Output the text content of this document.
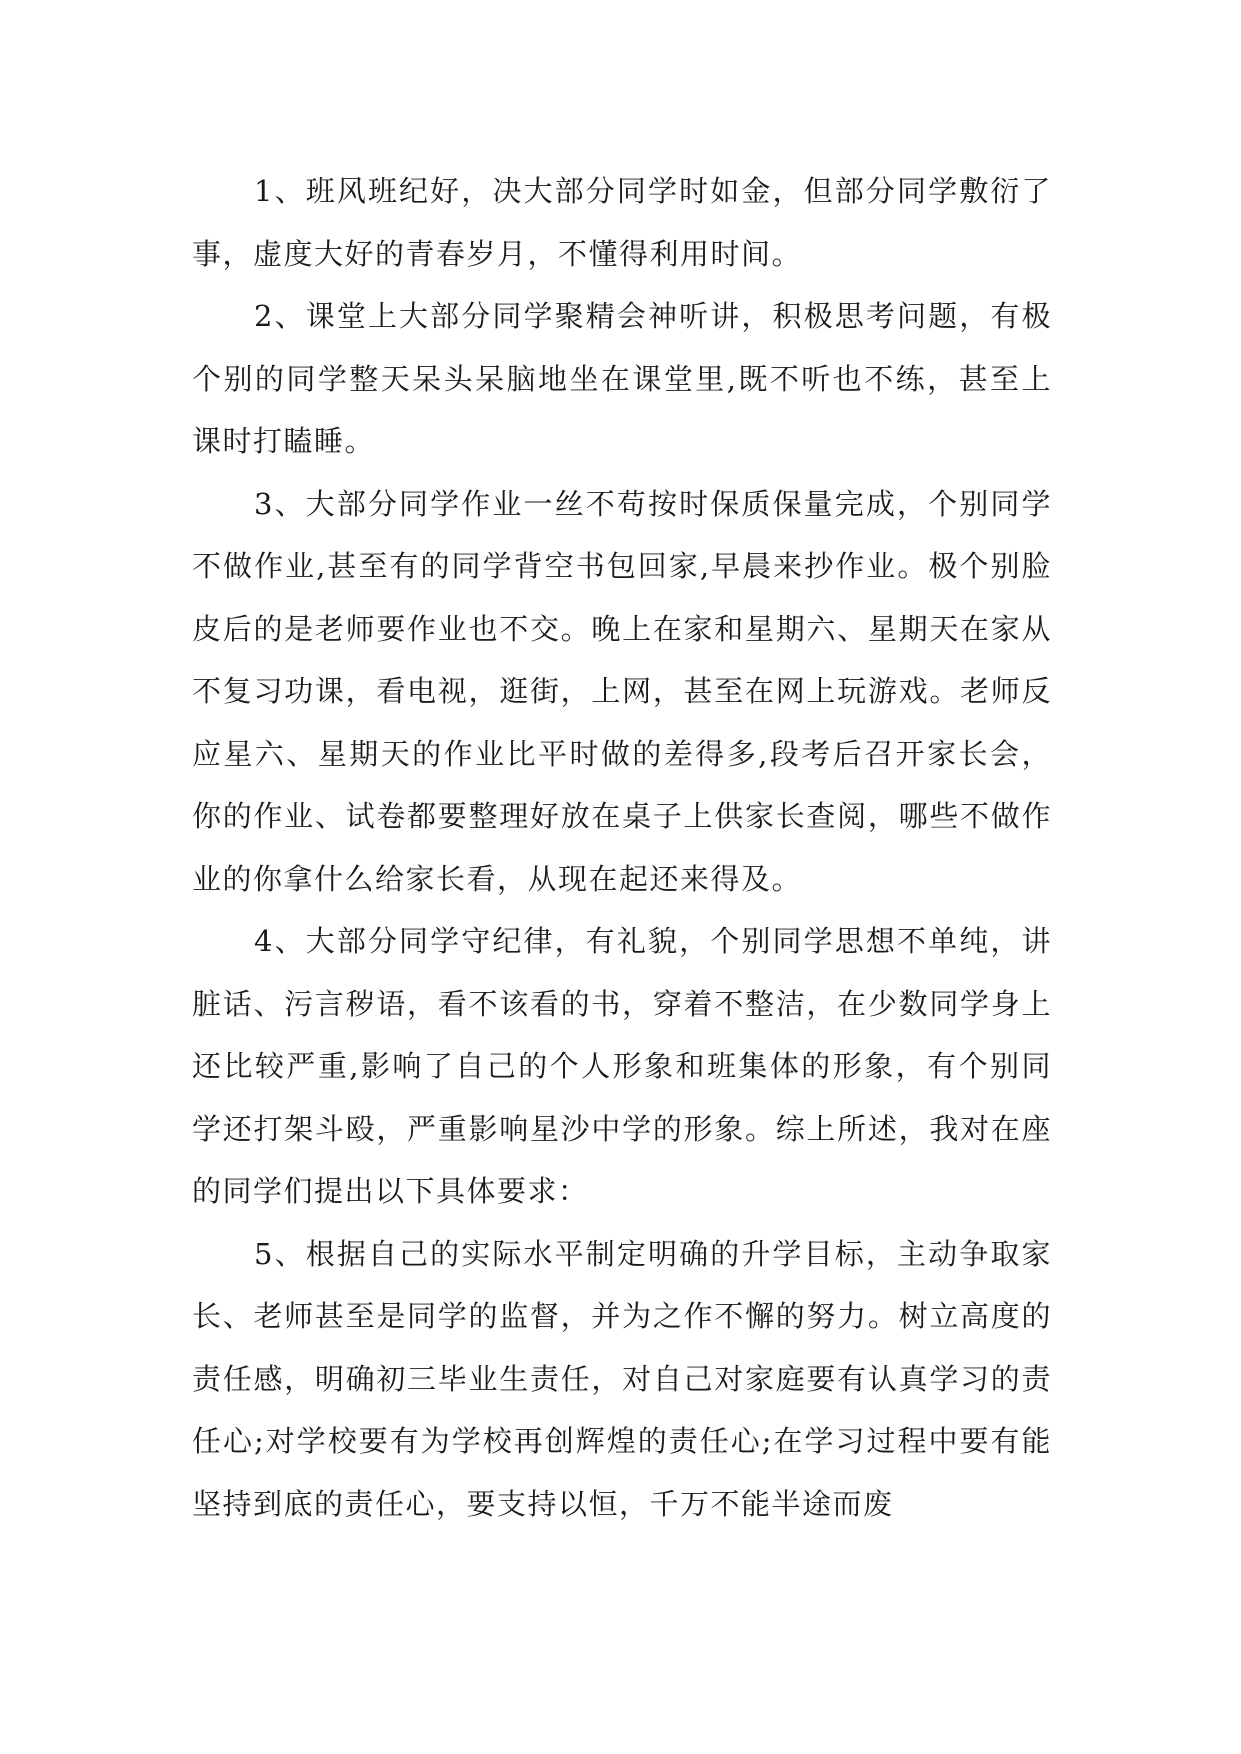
1、班风班纪好，决大部分同学时如金，但部分同学敷衍了事，虚度大好的青春岁月，不懂得利用时间。

2、课堂上大部分同学聚精会神听讲，积极思考问题，有极个别的同学整天呆头呆脑地坐在课堂里,既不听也不练，甚至上课时打瞌睡。

3、大部分同学作业一丝不苟按时保质保量完成，个别同学不做作业,甚至有的同学背空书包回家,早晨来抄作业。极个别脸皮后的是老师要作业也不交。晚上在家和星期六、星期天在家从不复习功课，看电视，逛街，上网，甚至在网上玩游戏。老师反应星六、星期天的作业比平时做的差得多,段考后召开家长会，你的作业、试卷都要整理好放在桌子上供家长查阅，哪些不做作业的你拿什么给家长看，从现在起还来得及。

4、大部分同学守纪律，有礼貌，个别同学思想不单纯，讲脏话、污言秽语，看不该看的书，穿着不整洁，在少数同学身上还比较严重,影响了自己的个人形象和班集体的形象，有个别同学还打架斗殴，严重影响星沙中学的形象。综上所述，我对在座的同学们提出以下具体要求：

5、根据自己的实际水平制定明确的升学目标，主动争取家长、老师甚至是同学的监督，并为之作不懈的努力。树立高度的责任感，明确初三毕业生责任，对自己对家庭要有认真学习的责任心;对学校要有为学校再创辉煌的责任心;在学习过程中要有能坚持到底的责任心，要支持以恒，千万不能半途而废
